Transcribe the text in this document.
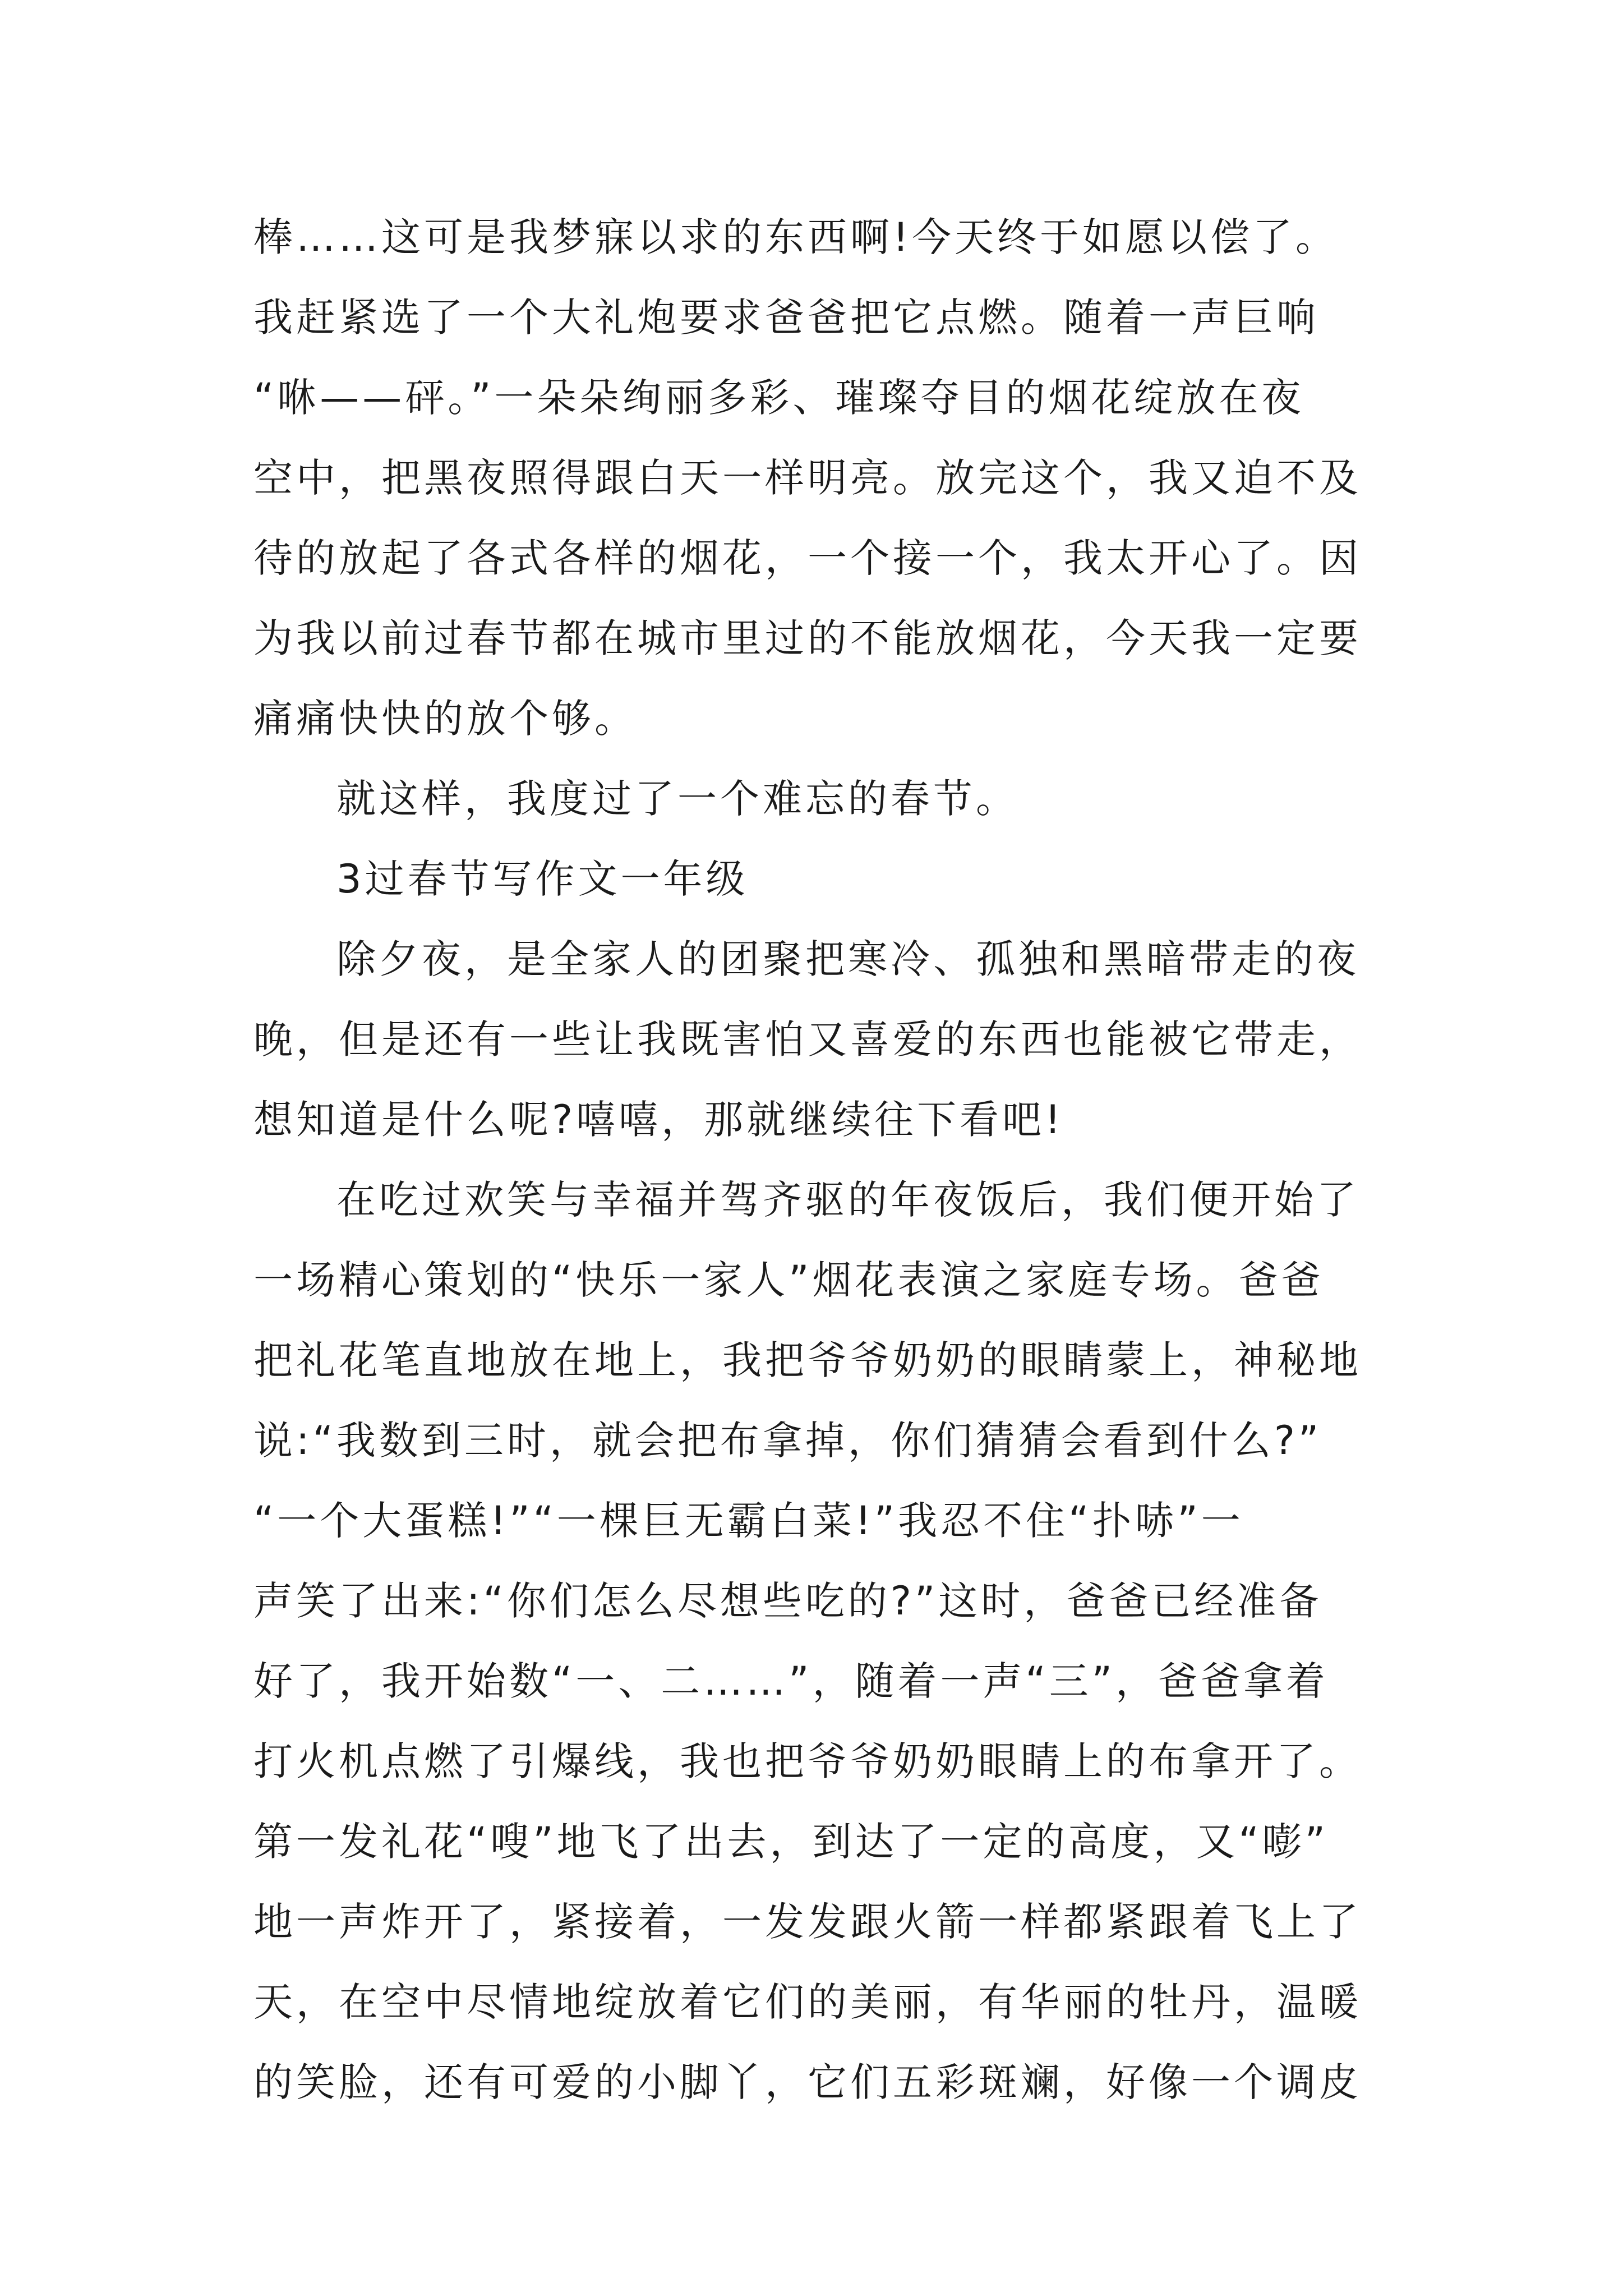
棒……这可是我梦寐以求的东西啊!今天终于如愿以偿了。
我赶紧选了一个大礼炮要求爸爸把它点燃。随着一声巨响
“咻——砰。”一朵朵绚丽多彩、璀璨夺目的烟花绽放在夜
空中，把黑夜照得跟白天一样明亮。放完这个，我又迫不及
待的放起了各式各样的烟花，一个接一个，我太开心了。因
为我以前过春节都在城市里过的不能放烟花，今天我一定要
痛痛快快的放个够。
就这样，我度过了一个难忘的春节。
3过春节写作文一年级
除夕夜，是全家人的团聚把寒冷、孤独和黑暗带走的夜
晚，但是还有一些让我既害怕又喜爱的东西也能被它带走，
想知道是什么呢?嘻嘻，那就继续往下看吧!
在吃过欢笑与幸福并驾齐驱的年夜饭后，我们便开始了
一场精心策划的“快乐一家人”烟花表演之家庭专场。爸爸
把礼花笔直地放在地上，我把爷爷奶奶的眼睛蒙上，神秘地
说:“我数到三时，就会把布拿掉，你们猜猜会看到什么?”
“一个大蛋糕!”“一棵巨无霸白菜!”我忍不住“扑哧”一
声笑了出来:“你们怎么尽想些吃的?”这时，爸爸已经准备
好了，我开始数“一、二……”，随着一声“三”，爸爸拿着
打火机点燃了引爆线，我也把爷爷奶奶眼睛上的布拿开了。
第一发礼花“嗖”地飞了出去，到达了一定的高度，又“嘭”
地一声炸开了，紧接着，一发发跟火箭一样都紧跟着飞上了
天，在空中尽情地绽放着它们的美丽，有华丽的牡丹，温暖
的笑脸，还有可爱的小脚丫，它们五彩斑斓，好像一个调皮
